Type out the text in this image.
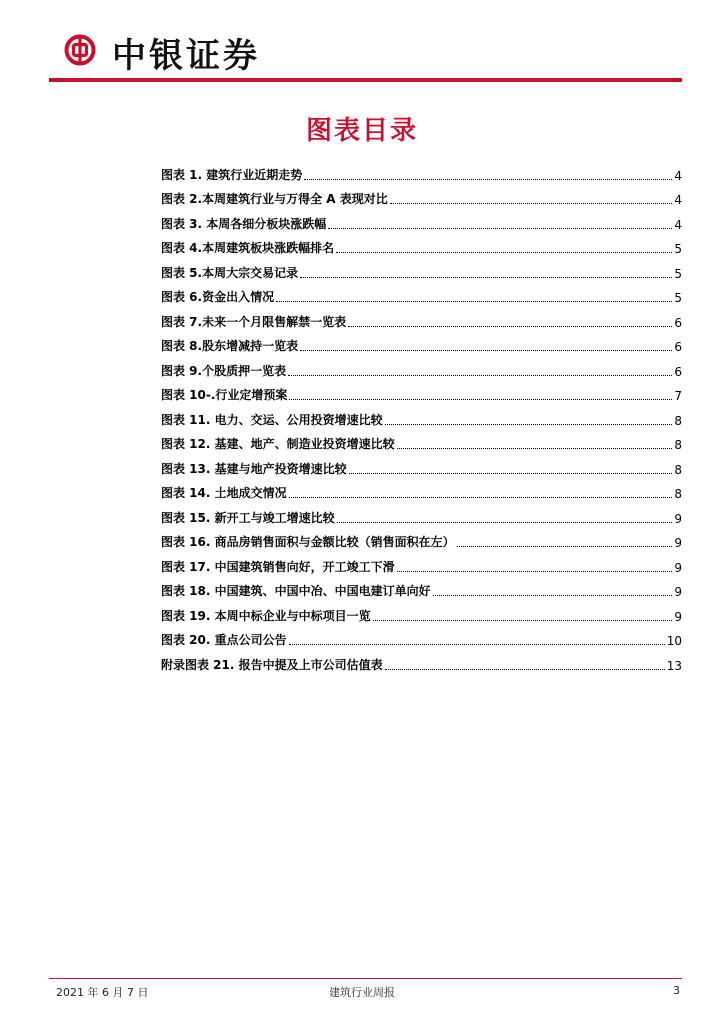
中银证券
图表目录
图表 1. 建筑行业近期走势	4
图表 2.本周建筑行业与万得全 A 表现对比	4
图表 3. 本周各细分板块涨跌幅	4
图表 4.本周建筑板块涨跌幅排名	5
图表 5.本周大宗交易记录	5
图表 6.资金出入情况	5
图表 7.未来一个月限售解禁一览表	6
图表 8.股东增减持一览表	6
图表 9.个股质押一览表	6
图表 10-.行业定增预案	7
图表 11. 电力、交运、公用投资增速比较	8
图表 12. 基建、地产、制造业投资增速比较	8
图表 13. 基建与地产投资增速比较	8
图表 14. 土地成交情况	8
图表 15. 新开工与竣工增速比较	9
图表 16. 商品房销售面积与金额比较（销售面积在左）	9
图表 17. 中国建筑销售向好，开工竣工下滑	9
图表 18. 中国建筑、中国中冶、中国电建订单向好	9
图表 19. 本周中标企业与中标项目一览	9
图表 20. 重点公司公告	10
附录图表 21. 报告中提及上市公司估值表	13
2021 年 6 月 7 日	建筑行业周报	3
